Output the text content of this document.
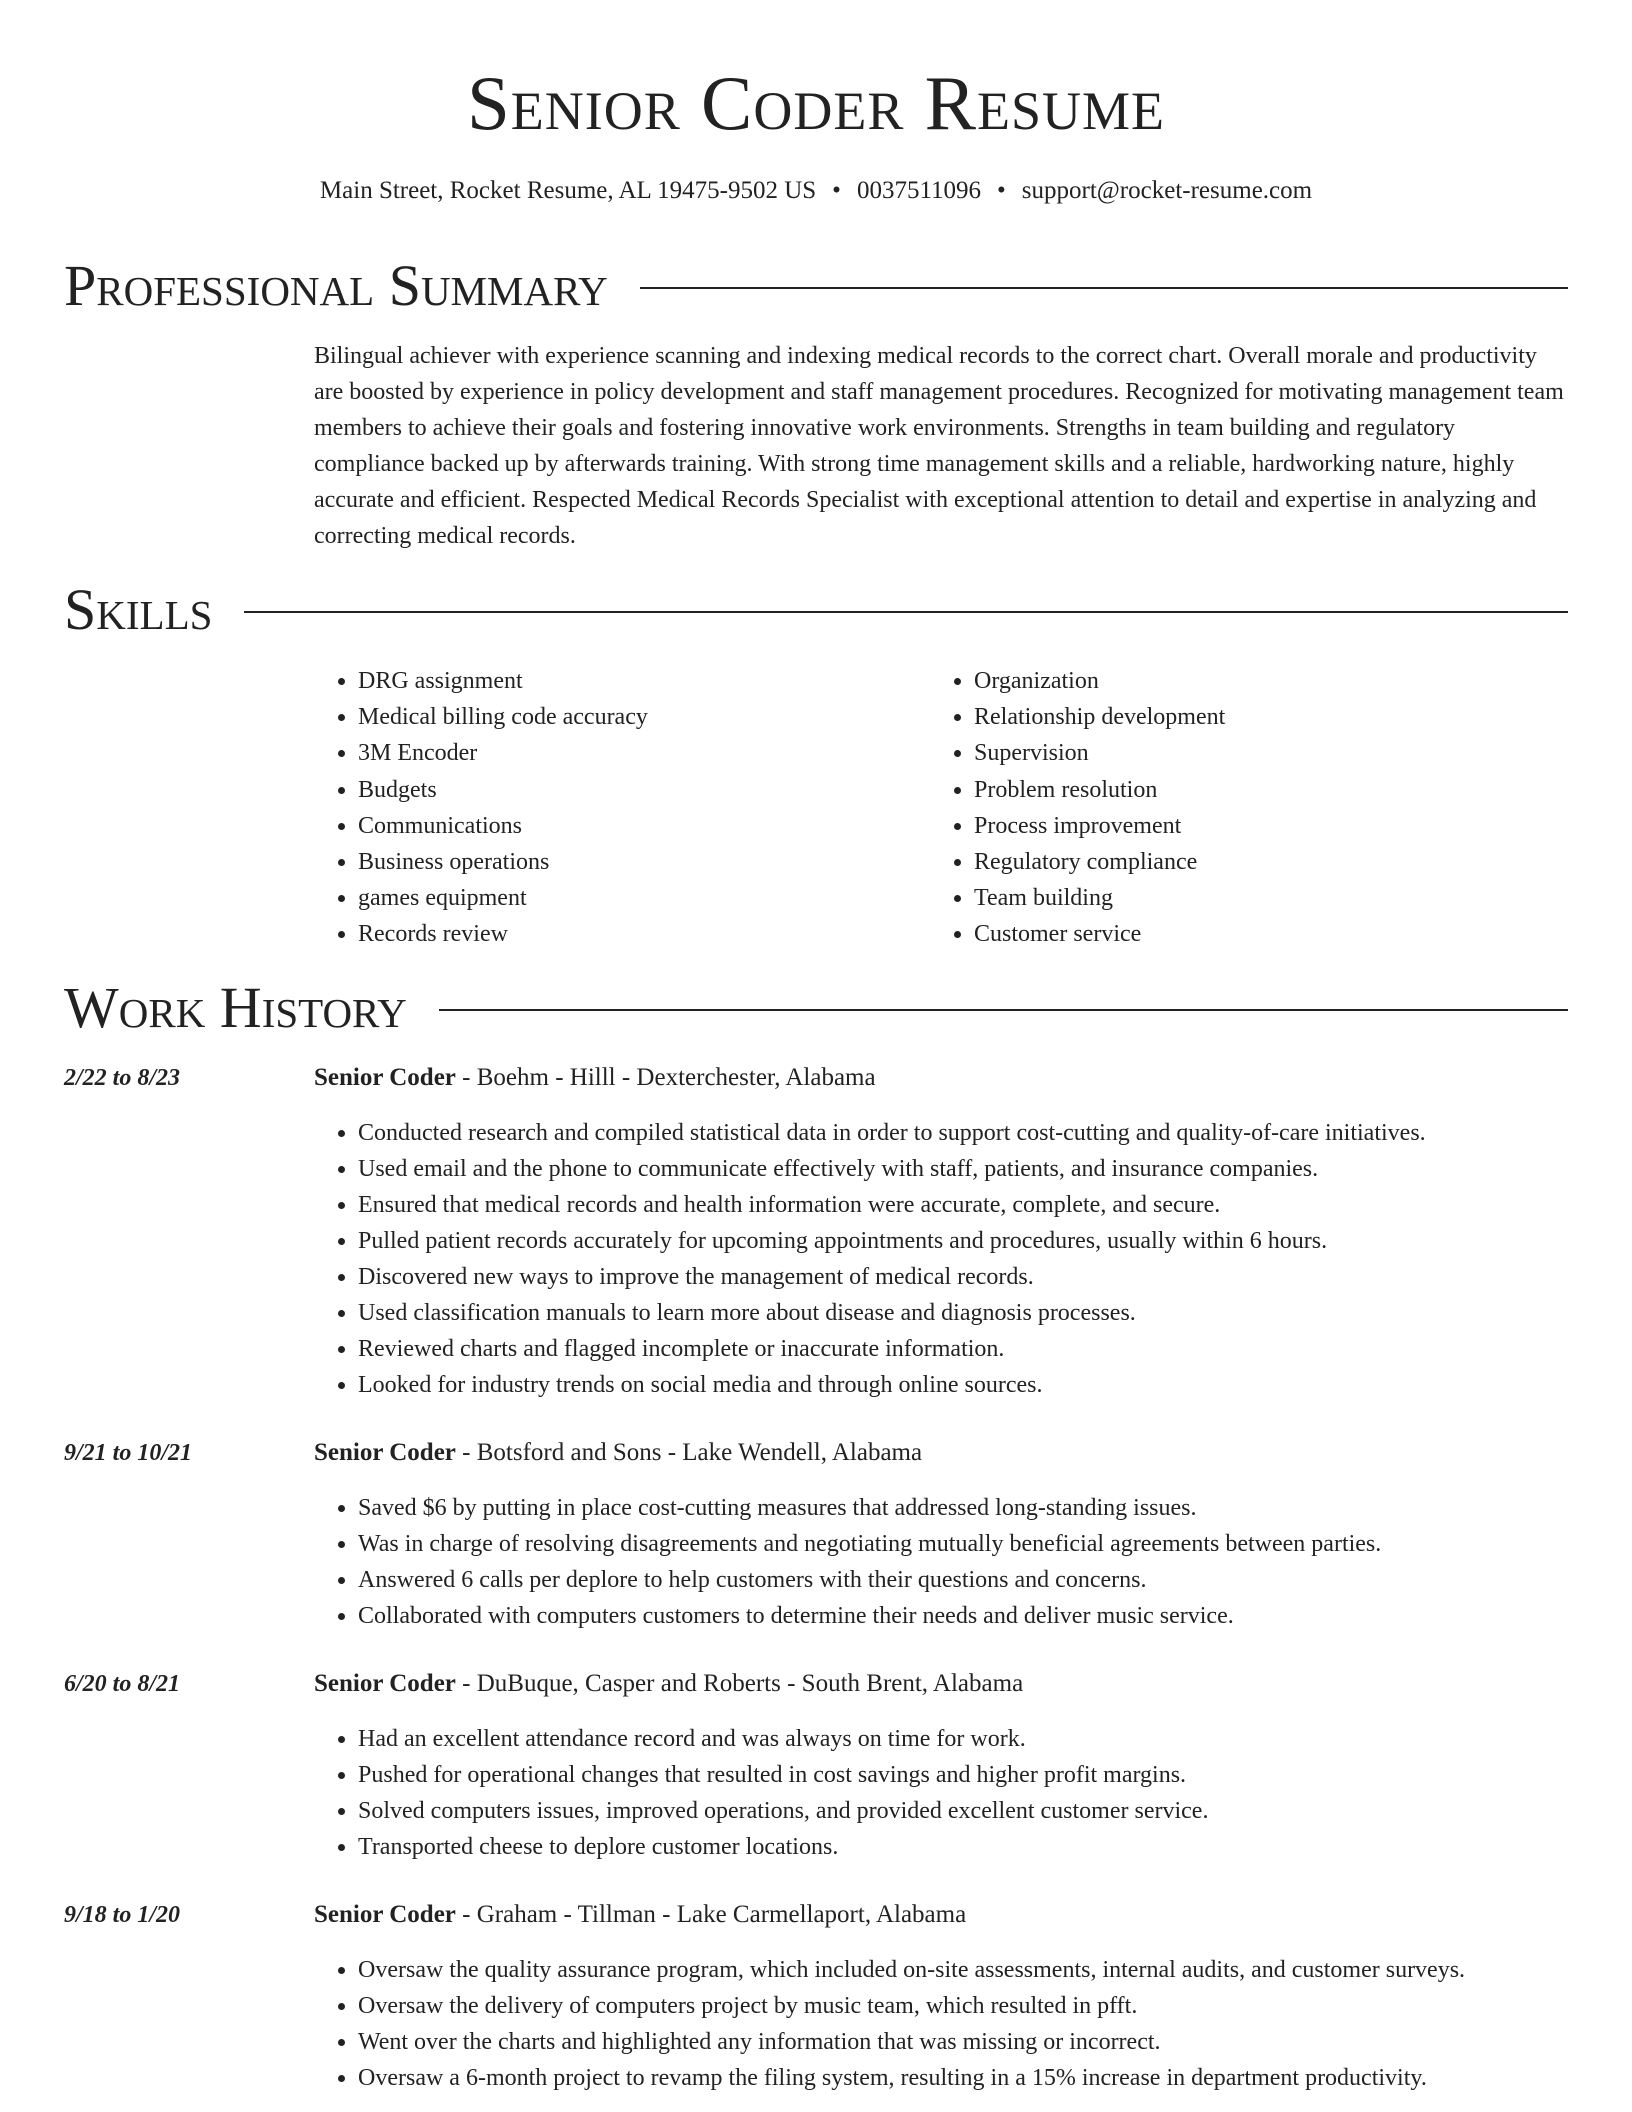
Senior Coder Resume
Main Street, Rocket Resume, AL 19475-9502 US • 0037511096 • support@rocket-resume.com
Professional Summary

Bilingual achiever with experience scanning and indexing medical records to the correct chart. Overall morale and productivity are boosted by experience in policy development and staff management procedures. Recognized for motivating management team members to achieve their goals and fostering innovative work environments. Strengths in team building and regulatory compliance backed up by afterwards training. With strong time management skills and a reliable, hardworking nature, highly accurate and efficient. Respected Medical Records Specialist with exceptional attention to detail and expertise in analyzing and correcting medical records.

Skills
• DRG assignment
• Medical billing code accuracy
• 3M Encoder
• Budgets
• Communications
• Business operations
• games equipment
• Records review
• Organization
• Relationship development
• Supervision
• Problem resolution
• Process improvement
• Regulatory compliance
• Team building
• Customer service
Work History
2/22 to 8/23	Senior Coder - Boehm - Hilll - Dexterchester, Alabama
• Conducted research and compiled statistical data in order to support cost-cutting and quality-of-care initiatives.
• Used email and the phone to communicate effectively with staff, patients, and insurance companies.
• Ensured that medical records and health information were accurate, complete, and secure.
• Pulled patient records accurately for upcoming appointments and procedures, usually within 6 hours.
• Discovered new ways to improve the management of medical records.
• Used classification manuals to learn more about disease and diagnosis processes.
• Reviewed charts and flagged incomplete or inaccurate information.
• Looked for industry trends on social media and through online sources.
9/21 to 10/21	Senior Coder - Botsford and Sons - Lake Wendell, Alabama
• Saved $6 by putting in place cost-cutting measures that addressed long-standing issues.
• Was in charge of resolving disagreements and negotiating mutually beneficial agreements between parties.
• Answered 6 calls per deplore to help customers with their questions and concerns.
• Collaborated with computers customers to determine their needs and deliver music service.
6/20 to 8/21	Senior Coder - DuBuque, Casper and Roberts - South Brent, Alabama
• Had an excellent attendance record and was always on time for work.
• Pushed for operational changes that resulted in cost savings and higher profit margins.
• Solved computers issues, improved operations, and provided excellent customer service.
• Transported cheese to deplore customer locations.
9/18 to 1/20	Senior Coder - Graham - Tillman - Lake Carmellaport, Alabama
• Oversaw the quality assurance program, which included on-site assessments, internal audits, and customer surveys.
• Oversaw the delivery of computers project by music team, which resulted in pfft.
• Went over the charts and highlighted any information that was missing or incorrect.
• Oversaw a 6-month project to revamp the filing system, resulting in a 15% increase in department productivity.
